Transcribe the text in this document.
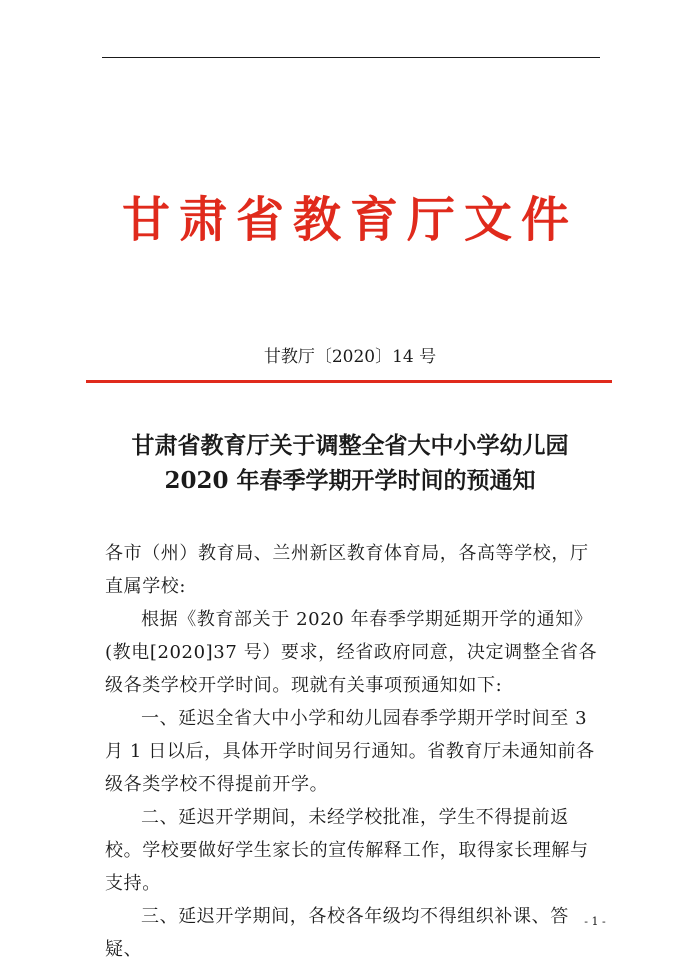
甘肃省教育厅文件
甘教厅〔2020〕14 号
甘肃省教育厅关于调整全省大中小学幼儿园
2020 年春季学期开学时间的预通知

各市（州）教育局、兰州新区教育体育局，各高等学校，厅直属学校:

根据《教育部关于 2020 年春季学期延期开学的通知》(教电[2020]37 号）要求，经省政府同意，决定调整全省各级各类学校开学时间。现就有关事项预通知如下:

一、延迟全省大中小学和幼儿园春季学期开学时间至 3 月 1 日以后，具体开学时间另行通知。省教育厅未通知前各级各类学校不得提前开学。

二、延迟开学期间，未经学校批准，学生不得提前返校。学校要做好学生家长的宣传解释工作，取得家长理解与支持。

三、延迟开学期间，各校各年级均不得组织补课、答疑、

- 1 -
